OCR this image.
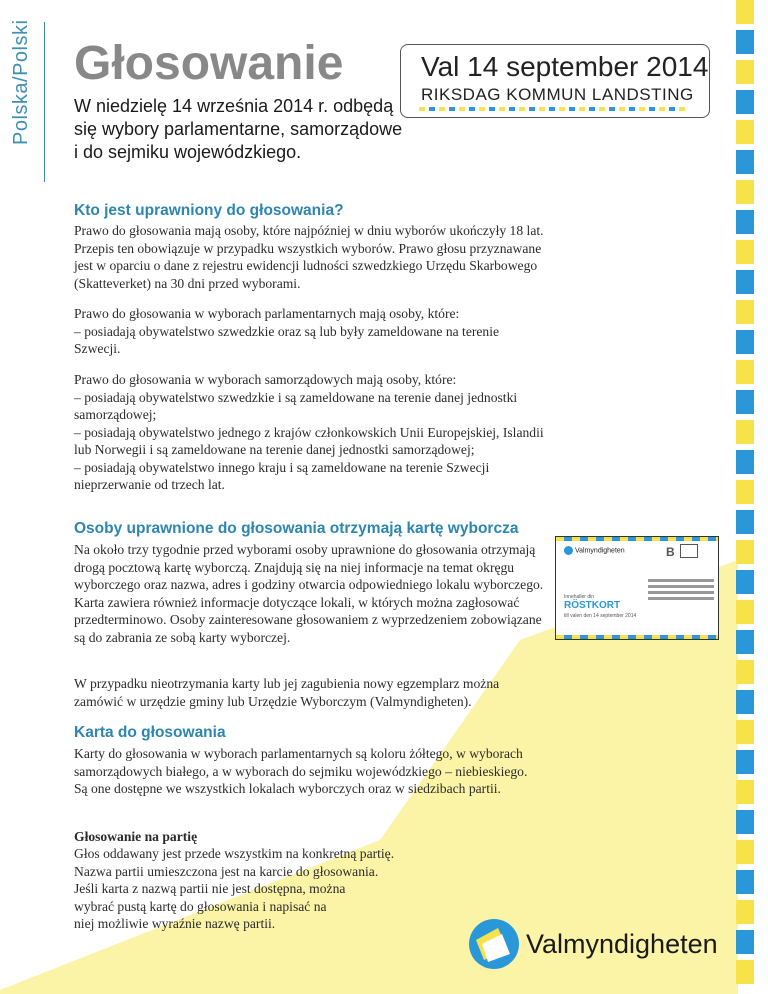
Polska/Polski Głosowanie
W niedzielę 14 września 2014 r. odbędą się wybory parlamentarne, samorządowe i do sejmiku wojewódzkiego.
Val 14 september 2014
RIKSDAG KOMMUN LANDSTING
Kto jest uprawniony do głosowania?

Prawo do głosowania mają osoby, które najpóźniej w dniu wyborów ukończyły 18 lat. Przepis ten obowiązuje w przypadku wszystkich wyborów. Prawo głosu przyznawane jest w oparciu o dane z rejestru ewidencji ludności szwedzkiego Urzędu Skarbowego (Skatteverket) na 30 dni przed wyborami.

Prawo do głosowania w wyborach parlamentarnych mają osoby, które:
– posiadają obywatelstwo szwedzkie oraz są lub były zameldowane na terenie Szwecji.

Prawo do głosowania w wyborach samorządowych mają osoby, które:
– posiadają obywatelstwo szwedzkie i są zameldowane na terenie danej jednostki samorządowej;
– posiadają obywatelstwo jednego z krajów członkowskich Unii Europejskiej, Islandii lub Norwegii i są zameldowane na terenie danej jednostki samorządowej;
– posiadają obywatelstwo innego kraju i są zameldowane na terenie Szwecji nieprzerwanie od trzech lat.

Osoby uprawnione do głosowania otrzymają kartę wyborcza

Na około trzy tygodnie przed wyborami osoby uprawnione do głosowania otrzymają drogą pocztową kartę wyborczą. Znajdują się na niej informacje na temat okręgu wyborczego oraz nazwa, adres i godziny otwarcia odpowiedniego lokalu wyborczego. Karta zawiera również informacje dotyczące lokali, w których można zagłosować przedterminowo. Osoby zainteresowane głosowaniem z wyprzedzeniem zobowiązane są do zabrania ze sobą karty wyborczej.

W przypadku nieotrzymania karty lub jej zagubienia nowy egzemplarz można zamówić w urzędzie gminy lub Urzędzie Wyborczym (Valmyndigheten).

Valmyndigheten	B
Innehaller din
RÖSTKORT
till valen den 14 september 2014
Karta do głosowania

Karty do głosowania w wyborach parlamentarnych są koloru żółtego, w wyborach samorządowych białego, a w wyborach do sejmiku wojewódzkiego – niebieskiego. Są one dostępne we wszystkich lokalach wyborczych oraz w siedzibach partii.

Głosowanie na partię

Głos oddawany jest przede wszystkim na konkretną partię.
Nazwa partii umieszczona jest na karcie do głosowania.
Jeśli karta z nazwą partii nie jest dostępna, można
wybrać pustą kartę do głosowania i napisać na
niej możliwie wyraźnie nazwę partii.

Valmyndigheten
